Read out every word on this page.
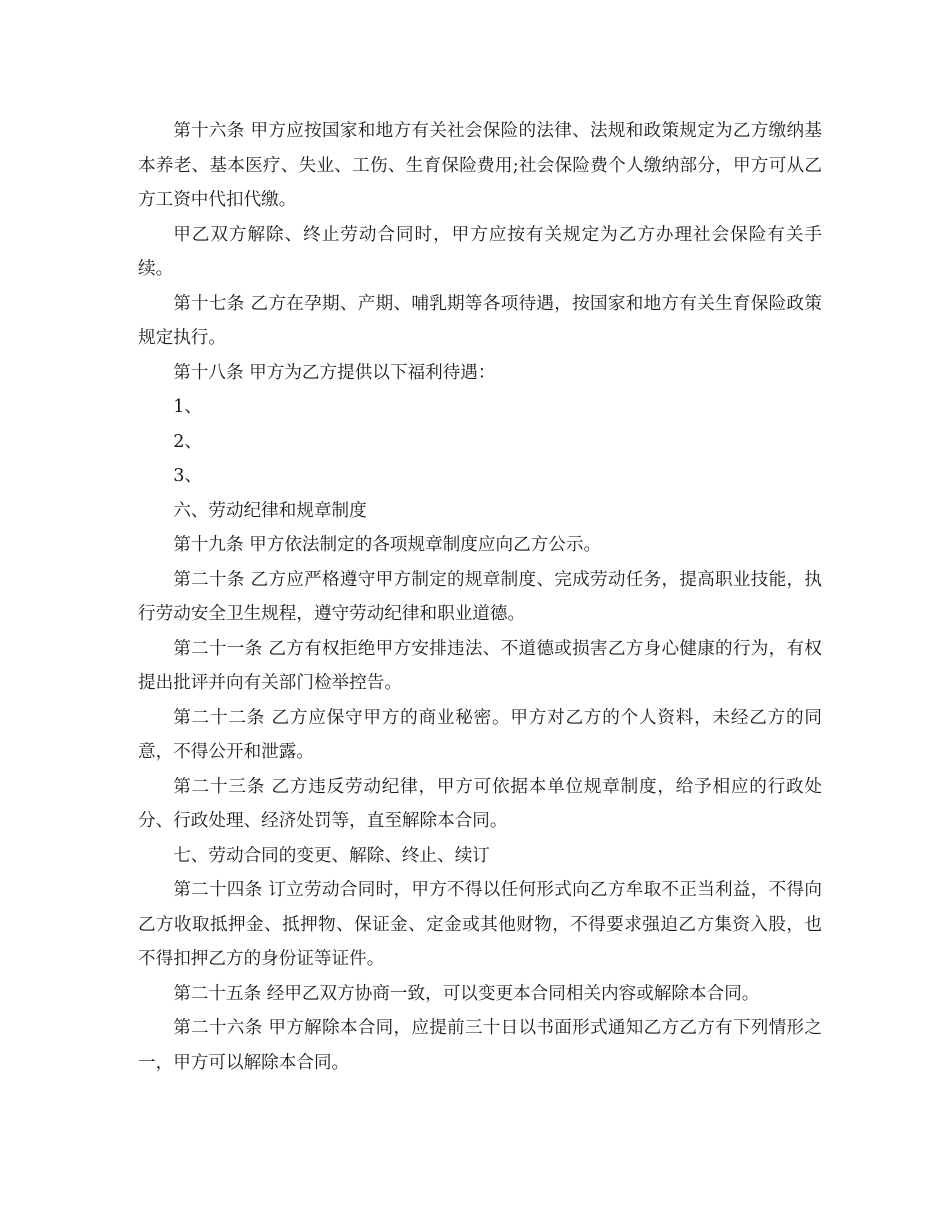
第十六条 甲方应按国家和地方有关社会保险的法律、法规和政策规定为乙方缴纳基本养老、基本医疗、失业、工伤、生育保险费用;社会保险费个人缴纳部分，甲方可从乙方工资中代扣代缴。

甲乙双方解除、终止劳动合同时，甲方应按有关规定为乙方办理社会保险有关手续。

第十七条 乙方在孕期、产期、哺乳期等各项待遇，按国家和地方有关生育保险政策规定执行。

第十八条 甲方为乙方提供以下福利待遇：

1、

2、

3、

六、劳动纪律和规章制度

第十九条 甲方依法制定的各项规章制度应向乙方公示。

第二十条 乙方应严格遵守甲方制定的规章制度、完成劳动任务，提高职业技能，执行劳动安全卫生规程，遵守劳动纪律和职业道德。

第二十一条 乙方有权拒绝甲方安排违法、不道德或损害乙方身心健康的行为，有权提出批评并向有关部门检举控告。

第二十二条 乙方应保守甲方的商业秘密。甲方对乙方的个人资料，未经乙方的同意，不得公开和泄露。

第二十三条 乙方违反劳动纪律，甲方可依据本单位规章制度，给予相应的行政处分、行政处理、经济处罚等，直至解除本合同。

七、劳动合同的变更、解除、终止、续订

第二十四条 订立劳动合同时，甲方不得以任何形式向乙方牟取不正当利益，不得向乙方收取抵押金、抵押物、保证金、定金或其他财物，不得要求强迫乙方集资入股，也不得扣押乙方的身份证等证件。

第二十五条 经甲乙双方协商一致，可以变更本合同相关内容或解除本合同。

第二十六条 甲方解除本合同，应提前三十日以书面形式通知乙方乙方有下列情形之一，甲方可以解除本合同。
